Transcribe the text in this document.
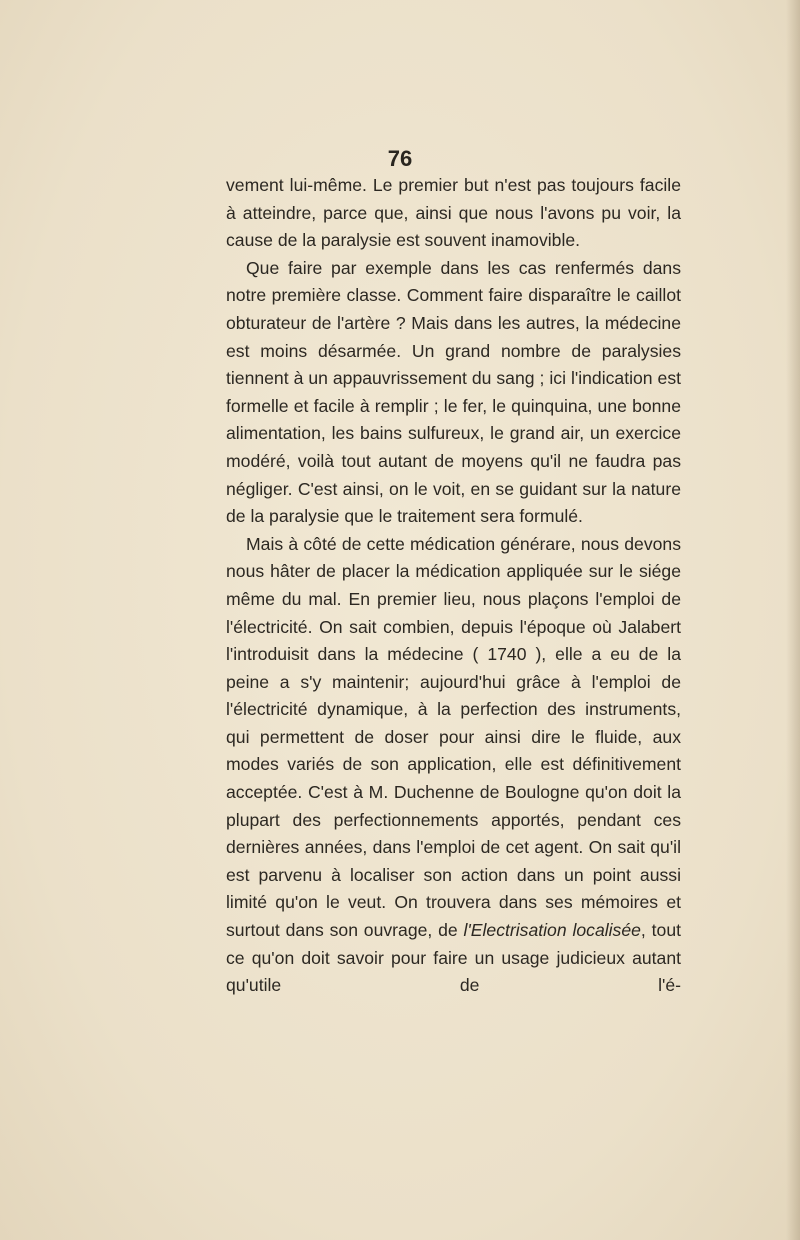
76

vement lui-même. Le premier but n'est pas toujours facile à atteindre, parce que, ainsi que nous l'avons pu voir, la cause de la paralysie est souvent inamovible.

Que faire par exemple dans les cas renfermés dans notre première classe. Comment faire disparaître le caillot obturateur de l'artère ? Mais dans les autres, la médecine est moins désarmée. Un grand nombre de paralysies tiennent à un appauvrissement du sang ; ici l'indication est formelle et facile à remplir ; le fer, le quinquina, une bonne alimentation, les bains sulfureux, le grand air, un exercice modéré, voilà tout autant de moyens qu'il ne faudra pas négliger. C'est ainsi, on le voit, en se guidant sur la nature de la paralysie que le traitement sera formulé.

Mais à côté de cette médication générare, nous devons nous hâter de placer la médication appliquée sur le siége même du mal. En premier lieu, nous plaçons l'emploi de l'électricité. On sait combien, depuis l'époque où Jalabert l'introduisit dans la médecine ( 1740 ), elle a eu de la peine a s'y maintenir; aujourd'hui grâce à l'emploi de l'électricité dynamique, à la perfection des instruments, qui permettent de doser pour ainsi dire le fluide, aux modes variés de son application, elle est définitivement acceptée. C'est à M. Duchenne de Boulogne qu'on doit la plupart des perfectionnements apportés, pendant ces dernières années, dans l'emploi de cet agent. On sait qu'il est parvenu à localiser son action dans un point aussi limité qu'on le veut. On trouvera dans ses mémoires et surtout dans son ouvrage, de l'Electrisation localisée, tout ce qu'on doit savoir pour faire un usage judicieux autant qu'utile de l'é-
